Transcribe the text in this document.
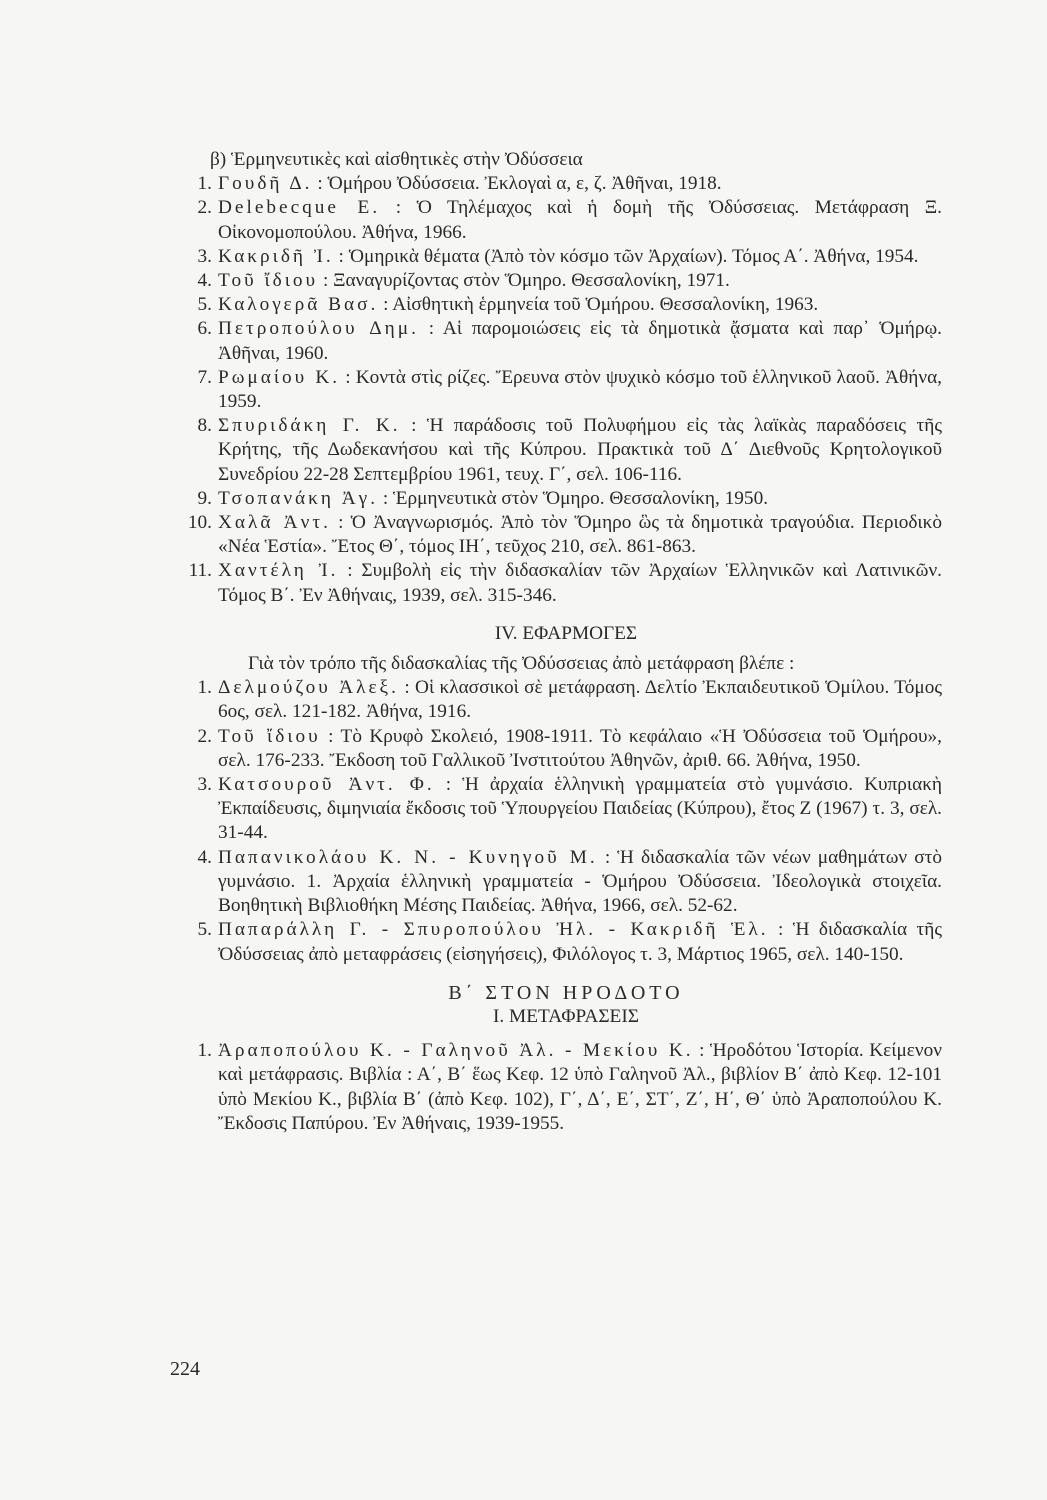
β) Ἑρμηνευτικὲς καὶ αἰσθητικὲς στὴν Ὀδύσσεια
1. Γουδῆ Δ. : Ὁμήρου Ὀδύσσεια. Ἐκλογαὶ α, ε, ζ. Ἀθῆναι, 1918.
2. Delebecque E. : Ὁ Τηλέμαχος καὶ ἡ δομὴ τῆς Ὀδύσσειας. Μετάφραση Ξ. Οἰκονομοπούλου. Ἀθήνα, 1966.
3. Κακριδῆ Ἰ. : Ὁμηρικὰ θέματα (Ἀπὸ τὸν κόσμο τῶν Ἀρχαίων). Τόμος Α΄. Ἀθήνα, 1954.
4. Τοῦ ἴδιου : Ξαναγυρίζοντας στὸν Ὅμηρο. Θεσσαλονίκη, 1971.
5. Καλογερᾶ Βασ. : Αἰσθητικὴ ἑρμηνεία τοῦ Ὁμήρου. Θεσσαλονίκη, 1963.
6. Πετροπούλου Δημ. : Αἱ παρομοιώσεις εἰς τὰ δημοτικὰ ᾄσματα καὶ παρ᾽ Ὁμήρῳ. Ἀθῆναι, 1960.
7. Ρωμαίου Κ. : Κοντὰ στὶς ρίζες. Ἔρευνα στὸν ψυχικὸ κόσμο τοῦ ἑλληνικοῦ λαοῦ. Ἀθήνα, 1959.
8. Σπυριδάκη Γ. Κ. : Ἡ παράδοσις τοῦ Πολυφήμου εἰς τὰς λαϊκὰς παραδόσεις τῆς Κρήτης, τῆς Δωδεκανήσου καὶ τῆς Κύπρου. Πρακτικὰ τοῦ Δ΄ Διεθνοῦς Κρητολογικοῦ Συνεδρίου 22-28 Σεπτεμβρίου 1961, τευχ. Γ΄, σελ. 106-116.
9. Τσοπανάκη Ἀγ. : Ἑρμηνευτικὰ στὸν Ὅμηρο. Θεσσαλονίκη, 1950.
10. Χαλᾶ Ἀντ. : Ὁ Ἀναγνωρισμός. Ἀπὸ τὸν Ὅμηρο ὣς τὰ δημοτικὰ τραγούδια. Περιοδικὸ «Νέα Ἑστία». Ἔτος Θ΄, τόμος ΙΗ΄, τεῦχος 210, σελ. 861-863.
11. Χαντέλη Ἰ. : Συμβολὴ εἰς τὴν διδασκαλίαν τῶν Ἀρχαίων Ἑλληνικῶν καὶ Λατινικῶν. Τόμος Β΄. Ἐν Ἀθήναις, 1939, σελ. 315-346.
IV. ΕΦΑΡΜΟΓΕΣ
Γιὰ τὸν τρόπο τῆς διδασκαλίας τῆς Ὀδύσσειας ἀπὸ μετάφραση βλέπε :
1. Δελμούζου Ἀλεξ. : Οἱ κλασσικοὶ σὲ μετάφραση. Δελτίο Ἐκπαιδευτικοῦ Ὁμίλου. Τόμος 6ος, σελ. 121-182. Ἀθήνα, 1916.
2. Τοῦ ἴδιου : Τὸ Κρυφὸ Σκολειό, 1908-1911. Τὸ κεφάλαιο «Ἡ Ὀδύσσεια τοῦ Ὁμήρου», σελ. 176-233. Ἔκδοση τοῦ Γαλλικοῦ Ἰνστιτούτου Ἀθηνῶν, ἀριθ. 66. Ἀθήνα, 1950.
3. Κατσουροῦ Ἀντ. Φ. : Ἡ ἀρχαία ἑλληνικὴ γραμματεία στὸ γυμνάσιο. Κυπριακὴ Ἐκπαίδευσις, διμηνιαία ἔκδοσις τοῦ Ὑπουργείου Παιδείας (Κύπρου), ἔτος Ζ (1967) τ. 3, σελ. 31-44.
4. Παπανικολάου Κ. Ν. - Κυνηγοῦ Μ. : Ἡ διδασκαλία τῶν νέων μαθημάτων στὸ γυμνάσιο. 1. Ἀρχαία ἑλληνικὴ γραμματεία - Ὁμήρου Ὀδύσσεια. Ἰδεολογικὰ στοιχεῖα. Βοηθητικὴ Βιβλιοθήκη Μέσης Παιδείας. Ἀθήνα, 1966, σελ. 52-62.
5. Παπαράλλη Γ. - Σπυροπούλου Ἠλ. - Κακριδῆ Ἑλ. : Ἡ διδασκαλία τῆς Ὀδύσσειας ἀπὸ μεταφράσεις (εἰσηγήσεις), Φιλόλογος τ. 3, Μάρτιος 1965, σελ. 140-150.
Β΄ ΣΤΟΝ ΗΡΟΔΟΤΟ
Ι. ΜΕΤΑΦΡΑΣΕΙΣ
1. Ἀραποπούλου Κ. - Γαληνοῦ Ἀλ. - Μεκίου Κ. : Ἡροδότου Ἱστορία. Κείμενον καὶ μετάφρασις. Βιβλία : Α΄, Β΄ ἕως Κεφ. 12 ὑπὸ Γαληνοῦ Ἀλ., βιβλίον Β΄ ἀπὸ Κεφ. 12-101 ὑπὸ Μεκίου Κ., βιβλία Β΄ (ἀπὸ Κεφ. 102), Γ΄, Δ΄, Ε΄, ΣΤ΄, Ζ΄, Η΄, Θ΄ ὑπὸ Ἀραποπούλου Κ. Ἔκδοσις Παπύρου. Ἐν Ἀθήναις, 1939-1955.
224
